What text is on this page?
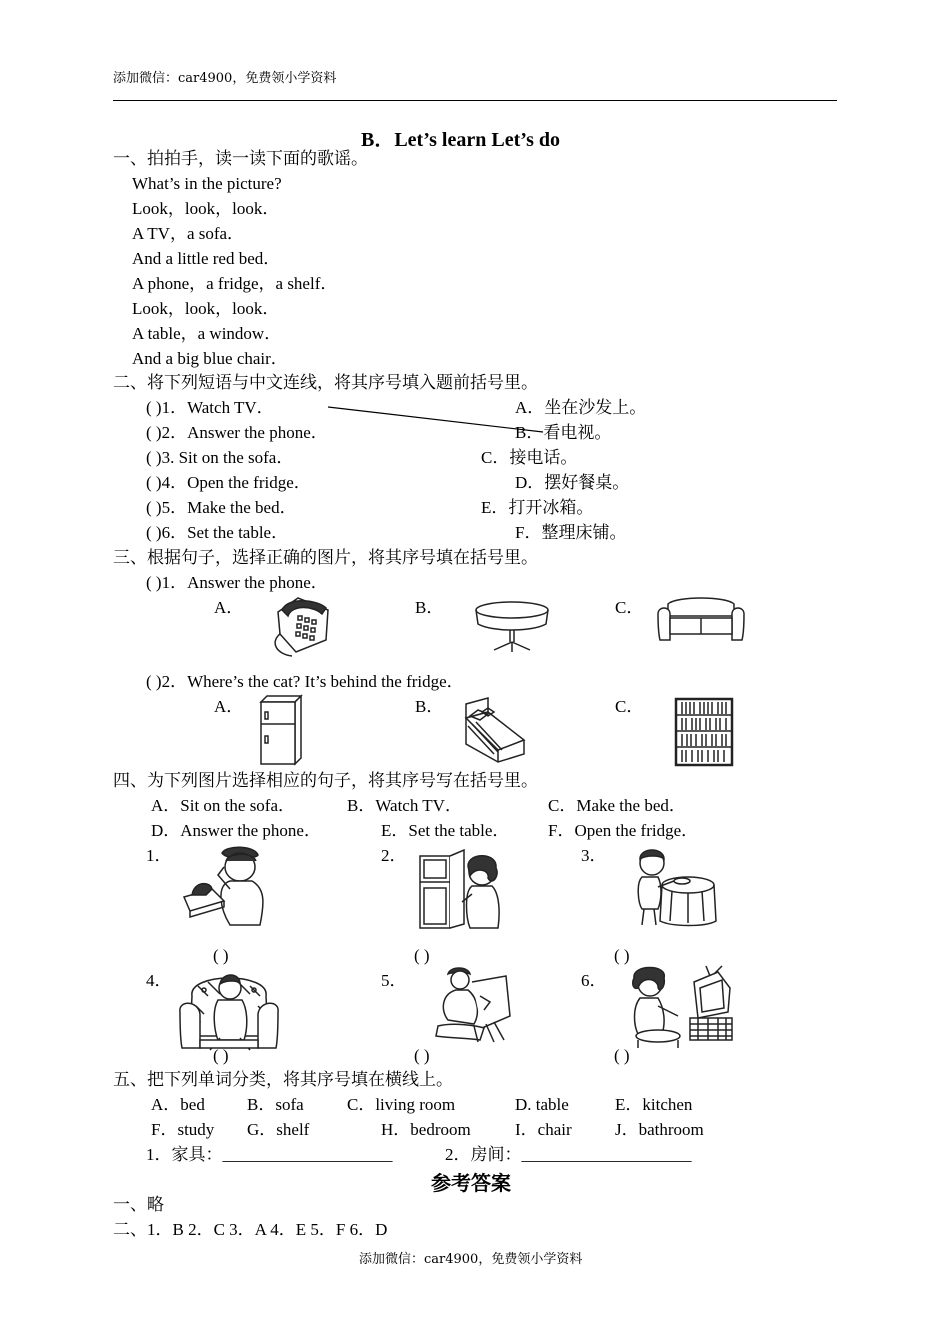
添加微信：car4900，免费领小学资料
B．Let’s learn Let’s do
一、拍拍手，读一读下面的歌谣。
What’s in the picture?
Look，look，look．
A TV，a sofa．
And a little red bed．
A phone，a fridge，a shelf．
Look，look，look．
A table，a window．
And a big blue chair．
二、将下列短语与中文连线，将其序号填入题前括号里。
( )1．Watch TV．
( )2．Answer the phone．
( )3. Sit on the sofa．
( )4．Open the fridge．
( )5．Make the bed．
( )6．Set the table．
A．坐在沙发上。
B．看电视。
C．接电话。
D．摆好餐桌。
E．打开冰箱。
F．整理床铺。
三、根据句子，选择正确的图片，将其序号填在括号里。
( )1．Answer the phone．
A．	B．	C．
( )2．Where’s the cat? It’s behind the fridge．
A．	B．	C．
四、为下列图片选择相应的句子，将其序号写在括号里。
A．Sit on the sofa．	B．Watch TV．	C．Make the bed．
D．Answer the phone．	E．Set the table． F．Open the fridge．
1．	2．	3．
( )	( )	( )
4．	5．	6．
( )	( )	( )
五、把下列单词分类，将其序号填在横线上。
A．bed B．sofa	C．living room	D. table	E．kitchen
F．study G．shelf	H．bedroom	I．chair	J．bathroom
1．家具：____________________	2．房间：____________________
参考答案
一、略
二、1．B 2．C 3．A 4．E 5．F 6．D
添加微信：car4900，免费领小学资料
